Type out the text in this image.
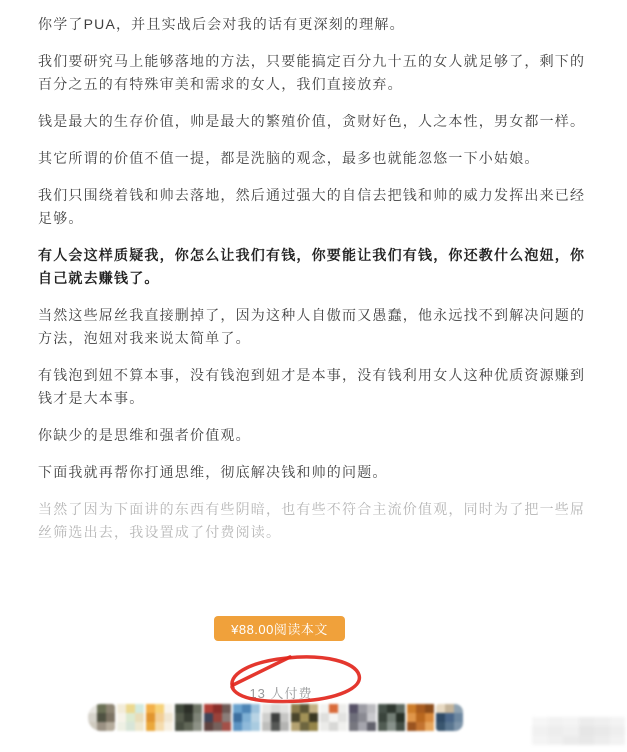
你学了PUA，并且实战后会对我的话有更深刻的理解。

我们要研究马上能够落地的方法，只要能搞定百分九十五的女人就足够了，剩下的百分之五的有特殊审美和需求的女人，我们直接放弃。

钱是最大的生存价值，帅是最大的繁殖价值，贪财好色，人之本性，男女都一样。

其它所谓的价值不值一提，都是洗脑的观念，最多也就能忽悠一下小姑娘。

我们只围绕着钱和帅去落地，然后通过强大的自信去把钱和帅的威力发挥出来已经足够。

有人会这样质疑我，你怎么让我们有钱，你要能让我们有钱，你还教什么泡妞，你自己就去赚钱了。

当然这些屌丝我直接删掉了，因为这种人自傲而又愚蠢，他永远找不到解决问题的方法，泡妞对我来说太简单了。

有钱泡到妞不算本事，没有钱泡到妞才是本事，没有钱利用女人这种优质资源赚到钱才是大本事。

你缺少的是思维和强者价值观。

下面我就再帮你打通思维，彻底解决钱和帅的问题。

当然了因为下面讲的东西有些阴暗，也有些不符合主流价值观，同时为了把一些屌丝筛选出去，我设置成了付费阅读。

¥88.00阅读本文
13 人付费
